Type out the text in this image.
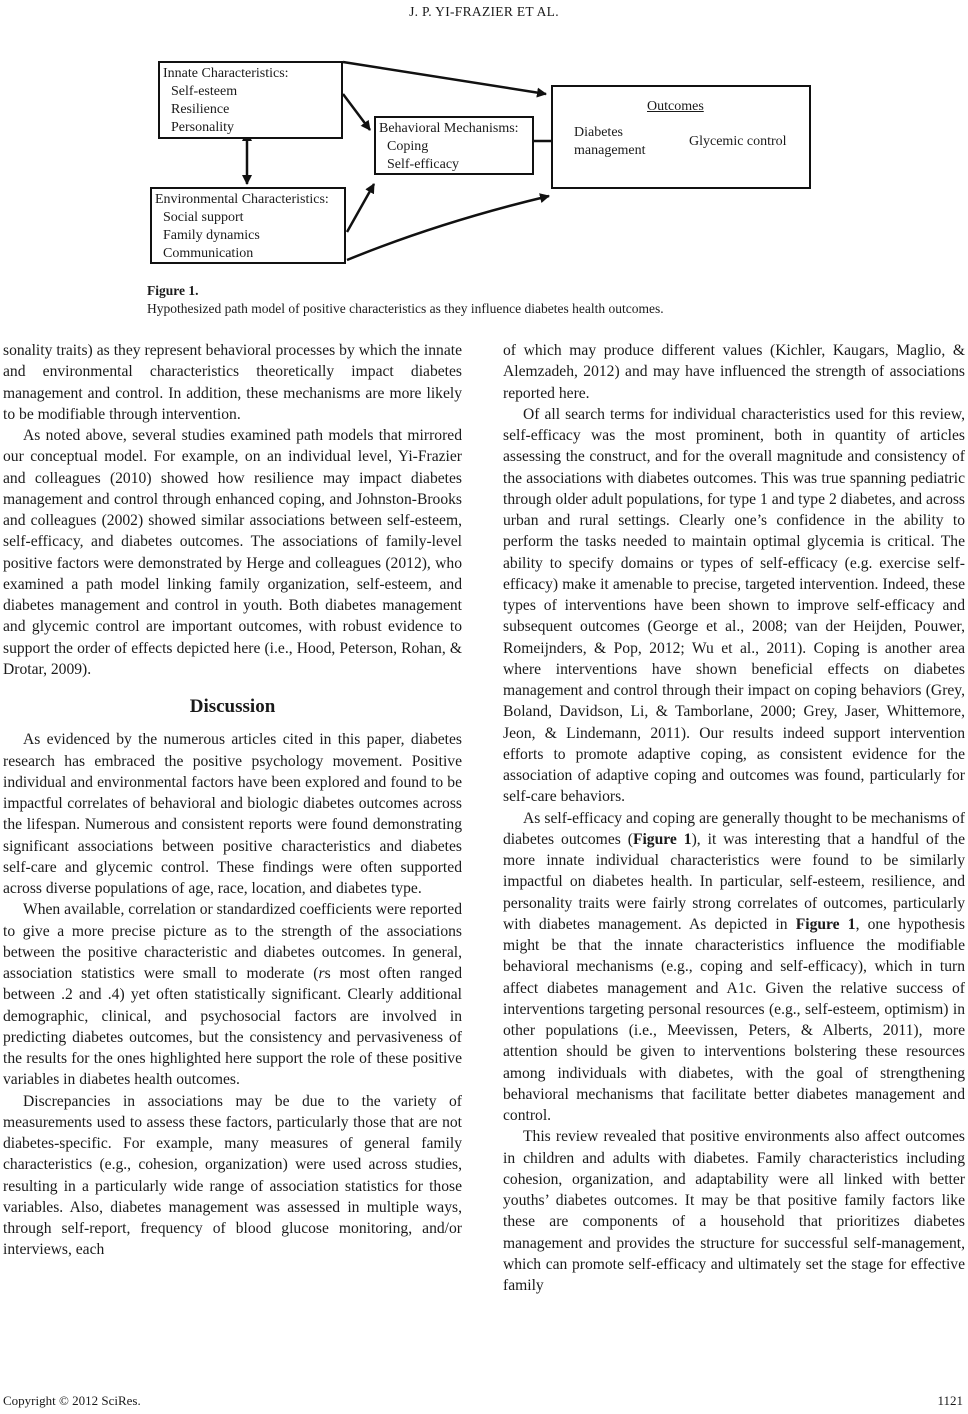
J. P. YI-FRAZIER ET AL.
Innate Characteristics:
Self-esteem
Resilience
Personality	Behavioral Mechanisms:
Coping
Self-efficacy
Environmental Characteristics:
Social support
Family dynamics
Communication
Outcomes
Diabetes
management
Glycemic control
Figure 1.
Hypothesized path model of positive characteristics as they influence diabetes health outcomes.

sonality traits) as they represent behavioral processes by which the innate and environmental characteristics theoretically impact diabetes management and control. In addition, these mechanisms are more likely to be modifiable through intervention.

As noted above, several studies examined path models that mirrored our conceptual model. For example, on an individual level, Yi-Frazier and colleagues (2010) showed how resilience may impact diabetes management and control through enhanced coping, and Johnston-Brooks and colleagues (2002) showed similar associations between self-esteem, self-efficacy, and diabetes outcomes. The associations of family-level positive factors were demonstrated by Herge and colleagues (2012), who examined a path model linking family organization, self-esteem, and diabetes management and control in youth. Both diabetes management and glycemic control are important outcomes, with robust evidence to support the order of effects depicted here (i.e., Hood, Peterson, Rohan, & Drotar, 2009).

Discussion

As evidenced by the numerous articles cited in this paper, diabetes research has embraced the positive psychology movement. Positive individual and environmental factors have been explored and found to be impactful correlates of behavioral and biologic diabetes outcomes across the lifespan. Numerous and consistent reports were found demonstrating significant associations between positive characteristics and diabetes self-care and glycemic control. These findings were often supported across diverse populations of age, race, location, and diabetes type.

When available, correlation or standardized coefficients were reported to give a more precise picture as to the strength of the associations between the positive characteristic and diabetes outcomes. In general, association statistics were small to moderate (rs most often ranged between .2 and .4) yet often statistically significant. Clearly additional demographic, clinical, and psychosocial factors are involved in predicting diabetes outcomes, but the consistency and pervasiveness of the results for the ones highlighted here support the role of these positive variables in diabetes health outcomes.

Discrepancies in associations may be due to the variety of measurements used to assess these factors, particularly those that are not diabetes-specific. For example, many measures of general family characteristics (e.g., cohesion, organization) were used across studies, resulting in a particularly wide range of association statistics for those variables. Also, diabetes management was assessed in multiple ways, through self-report, frequency of blood glucose monitoring, and/or interviews, each

of which may produce different values (Kichler, Kaugars, Maglio, & Alemzadeh, 2012) and may have influenced the strength of associations reported here.

Of all search terms for individual characteristics used for this review, self-efficacy was the most prominent, both in quantity of articles assessing the construct, and for the overall magnitude and consistency of the associations with diabetes outcomes. This was true spanning pediatric through older adult populations, for type 1 and type 2 diabetes, and across urban and rural settings. Clearly one’s confidence in the ability to perform the tasks needed to maintain optimal glycemia is critical. The ability to specify domains or types of self-efficacy (e.g. exercise self-efficacy) make it amenable to precise, targeted intervention. Indeed, these types of interventions have been shown to improve self-efficacy and subsequent outcomes (George et al., 2008; van der Heijden, Pouwer, Romeijnders, & Pop, 2012; Wu et al., 2011). Coping is another area where interventions have shown beneficial effects on diabetes management and control through their impact on coping behaviors (Grey, Boland, Davidson, Li, & Tamborlane, 2000; Grey, Jaser, Whittemore, Jeon, & Lindemann, 2011). Our results indeed support intervention efforts to promote adaptive coping, as consistent evidence for the association of adaptive coping and outcomes was found, particularly for self-care behaviors.

As self-efficacy and coping are generally thought to be mechanisms of diabetes outcomes (Figure 1), it was interesting that a handful of the more innate individual characteristics were found to be similarly impactful on diabetes health. In particular, self-esteem, resilience, and personality traits were fairly strong correlates of outcomes, particularly with diabetes management. As depicted in Figure 1, one hypothesis might be that the innate characteristics influence the modifiable behavioral mechanisms (e.g., coping and self-efficacy), which in turn affect diabetes management and A1c. Given the relative success of interventions targeting personal resources (e.g., self-esteem, optimism) in other populations (i.e., Meevissen, Peters, & Alberts, 2011), more attention should be given to interventions bolstering these resources among individuals with diabetes, with the goal of strengthening behavioral mechanisms that facilitate better diabetes management and control.

This review revealed that positive environments also affect outcomes in children and adults with diabetes. Family characteristics including cohesion, organization, and adaptability were all linked with better youths’ diabetes outcomes. It may be that positive family factors like these are components of a household that prioritizes diabetes management and provides the structure for successful self-management, which can promote self-efficacy and ultimately set the stage for effective family

Copyright © 2012 SciRes.	1121
